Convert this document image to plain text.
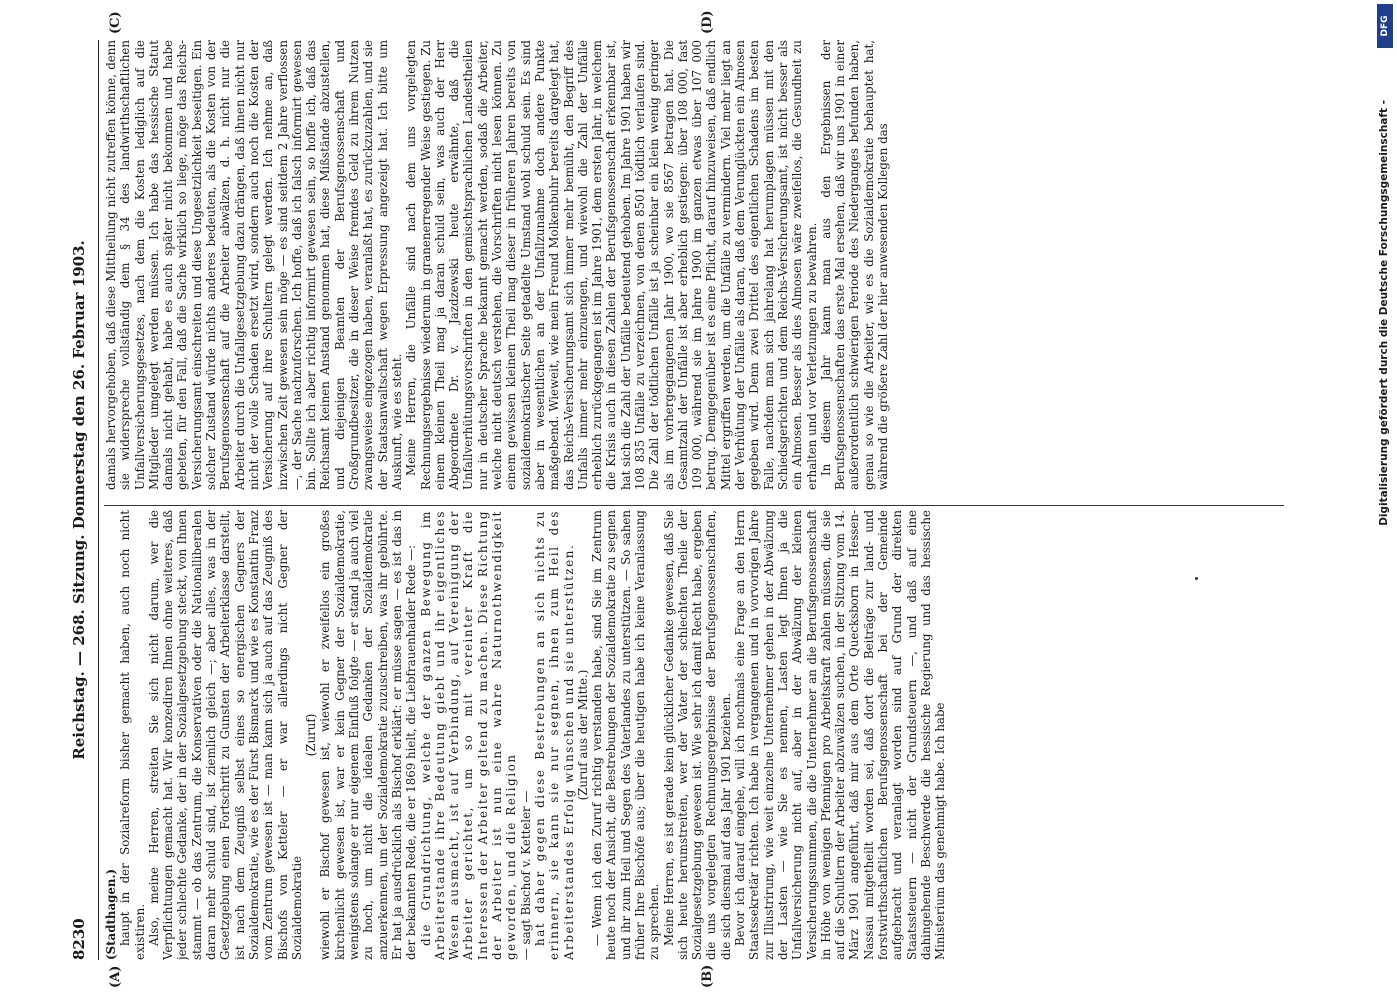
8230
Reichstag. — 268. Sitzung. Donnerstag den 26. Februar 1903.
(A)	(B)
(C)	(D)

(Stadthagen.) haupt in der Sozialreform bisher gemacht haben, auch noch nicht existiren. Also, meine Herren, streiten Sie sich nicht darum, wer die Verpflichtungen gemacht hat. Wir konzediren Ihnen ohne weiteres, daß jeder schlechte Gedanke, der in der Sozialgesetzgebung steckt, von Ihnen stammt — ob das Zentrum, die Konservativen oder die Nationalliberalen daran mehr schuld sind, ist ziemlich gleich —; aber alles, was in der Gesetzgebung einen Fortschritt zu Gunsten der Arbeiterklasse darstellt, ist nach dem Zeugniß selbst eines so energischen Gegners der Sozialdemokratie, wie es der Fürst Bismarck und wie es Konstantin Franz vom Zentrum gewesen ist — man kann sich ja auch auf das Zeugniß des Bischofs von Ketteler — er war allerdings nicht Gegner der Sozialdemokratie

(Zuruf) wiewohl er Bischof gewesen ist, wiewohl er zweifellos ein großes kirchenlicht gewesen ist, war er kein Gegner der Sozialdemokratie, wenigstens solange er nur eigenem Einfluß folgte — er stand ja auch viel zu hoch, um nicht die idealen Gedanken der Sozialdemokratie anzuerkennen, um der Sozialdemokratie zuzuschreiben, was ihr gebührte. Er hat ja ausdrücklich als Bischof erklärt: er müsse sagen — es ist das in der bekannten Rede, die er 1869 hielt, die Liebfrauenhaider Rede —: die Grundrichtung, welche der ganzen Bewegung im Arbeiterstande ihre Bedeutung giebt und ihr eigentliches Wesen ausmacht, ist auf Verbindung, auf Vereinigung der Arbeiter gerichtet, um so mit vereinter Kraft die Interessen der Arbeiter geltend zu machen. Diese Richtung der Arbeiter ist nun eine wahre Naturnothwendigkeit geworden, und die Religion — sagt Bischof v. Ketteler — hat daher gegen diese Bestrebungen an sich nichts zu erinnern, sie kann sie nur segnen, ihnen zum Heil des Arbeiterstandes Erfolg wünschen und sie unterstützen. (Zuruf aus der Mitte.) — Wenn ich den Zuruf richtig verstanden habe, sind Sie im Zentrum heute noch der Ansicht, die Bestrebungen der Sozialdemokratie zu segnen und ihr zum Heil und Segen des Vaterlandes zu unterstützen. — So sahen früher Ihre Bischöfe aus; über die heutigen habe ich keine Veranlassung zu sprechen. Meine Herren, es ist gerade kein glücklicher Gedanke gewesen, daß Sie sich heute herumstreiten, wer der Vater der schlechten Theile der Sozialgesetzgebung gewesen ist. Wie sehr ich damit Recht habe, ergeben die uns vorgelegten Rechnungsergebnisse der Berufsgenossenschaften, die sich diesmal auf das Jahr 1901 beziehen. Bevor ich darauf eingehe, will ich nochmals eine Frage an den Herrn Staatssekretär richten. Ich habe in vergangenen und in vorvorigen Jahre zur Illustrirung, wie weit einzelne Unternehmer gehen in der Abwälzung der Lasten — wie Sie es nennen, Lasten legt Ihnen ja die Unfallversicherung nicht auf, aber in der Abwälzung der kleinen Versicherungssummen, die die Unternehmer an die Berufsgenossenschaft in Höhe von wenigen Pfennigen pro Arbeitskraft zahlen müssen, die sie auf die Schultern der Arbeiter abzuwälzen suchen, in der Sitzung vom 14. März 1901 angeführt, daß mir aus dem Orte Quecksborn in Hessen-Nassau mitgetheilt worden sei, daß dort die Beiträge zur land- und forstwirthschaftlichen Berufsgenossenschaft bei der Gemeinde aufgebracht und veranlagt worden sind auf Grund der direkten Staatssteuern — nicht der Grundsteuern —, und daß auf eine dahingehende Beschwerde die hessische Regierung und das hessische Ministerium das genehmigt habe. Ich habe

damals hervorgehoben, daß diese Mittheilung nicht zutreffen könne, denn sie widerspreche vollständig dem § 34 des landwirthschaftlichen Unfallversicherungsgesetzes, nach dem die Kosten lediglich auf die Mitglieder umgelegt werden müssen. Ich habe das hessische Statut damals nicht gehabt, habe es auch später nicht bekommen und habe gebeten, für den Fall, daß die Sache wirklich so liege, möge das Reichs-Versicherungsamt einschreiten und diese Ungesetzlichkeit beseitigen. Ein solcher Zustand würde nichts anderes bedeuten, als die Kosten von der Berufsgenossenschaft auf die Arbeiter abwälzen, d. h. nicht nur die Arbeiter durch die Unfallgesetzgebung dazu drängen, daß ihnen nicht nur nicht der volle Schaden ersetzt wird, sondern auch noch die Kosten der Versicherung auf ihre Schultern gelegt werden. Ich nehme an, daß inzwischen Zeit gewesen sein möge — es sind seitdem 2 Jahre verflossen —, der Sache nachzuforschen. Ich hoffe, daß ich falsch informirt gewesen bin. Sollte ich aber richtig informirt gewesen sein, so hoffe ich, daß das Reichsamt keinen Anstand genommen hat, diese Mißstände abzustellen, und diejenigen Beamten der Berufsgenossenschaft und Großgrundbesitzer, die in dieser Weise fremdes Geld zu ihrem Nutzen zwangsweise eingezogen haben, veranlaßt hat, es zurückzuzahlen, und sie der Staatsanwaltschaft wegen Erpressung angezeigt hat. Ich bitte um Auskunft, wie es steht. Meine Herren, die Unfälle sind nach dem uns vorgelegten Rechnungsergebnisse wiederum in granenerregender Weise gestiegen. Zu einem kleinen Theil mag ja daran schuld sein, was auch der Herr Abgeordnete Dr. v. Jazdzewski heute erwähnte, daß die Unfallverhütungsvorschriften in den gemischtsprachlichen Landestheilen nur in deutscher Sprache bekannt gemacht werden, sodaß die Arbeiter, welche nicht deutsch verstehen, die Vorschriften nicht lesen können. Zu einem gewissen kleinen Theil mag dieser in früheren Jahren bereits von sozialdemokratischer Seite getadelte Umstand wohl schuld sein. Es sind aber in wesentlichen an der Unfallzunahme doch andere Punkte maßgebend. Wieweit, wie mein Freund Molkenbuhr bereits dargelegt hat, das Reichs-Versicherungsamt sich immer mehr bemüht, den Begriff des Unfalls immer mehr einzuengen, und wiewohl die Zahl der Unfälle erheblich zurückgegangen ist im Jahre 1901, dem ersten Jahr, in welchem die Krisis auch in diesen Zahlen der Berufsgenossenschaft erkennbar ist, hat sich die Zahl der Unfälle bedeutend gehoben. Im Jahre 1901 haben wir 108 835 Unfälle zu verzeichnen, von denen 8501 tödtlich verlaufen sind. Die Zahl der tödtlichen Unfälle ist ja scheinbar ein klein wenig geringer als im vorhergegangenen Jahr 1900, wo sie 8567 betragen hat. Die Gesamtzahl der Unfälle ist aber erheblich gestiegen: über 108 000, fast 109 000, während sie im Jahre 1900 im ganzen etwas über 107 000 betrug. Demgegenüber ist es eine Pflicht, darauf hinzuweisen, daß endlich Mittel ergriffen werden, um die Unfälle zu vermindern. Viel mehr liegt an der Verhütung der Unfälle als daran, daß dem Verunglückten ein Almosen gegeben wird. Denn zwei Drittel des eigentlichen Schadens im besten Falle, nachdem man sich jahrelang hat herumplagen müssen mit den Schiedsgerichten und dem Reichs-Versicherungsamt, ist nicht besser als ein Almosen. Besser als dies Almosen wäre zweifellos, die Gesundheit zu erhalten und vor Verletzungen zu bewahren. In diesem Jahr kann man aus den Ergebnissen der Berufsgenossenschaften das erste Mal ersehen, daß wir uns 1901 in einer außerordentlich schwierigen Periode des Niederganges befunden haben, genau so wie die Arbeiter, wie es die Sozialdemokratie behauptet hat, während die größere Zahl der hier anwesenden Kollegen das

DFG
Digitalisierung gefördert durch die Deutsche Forschungsgemeinschaft -
